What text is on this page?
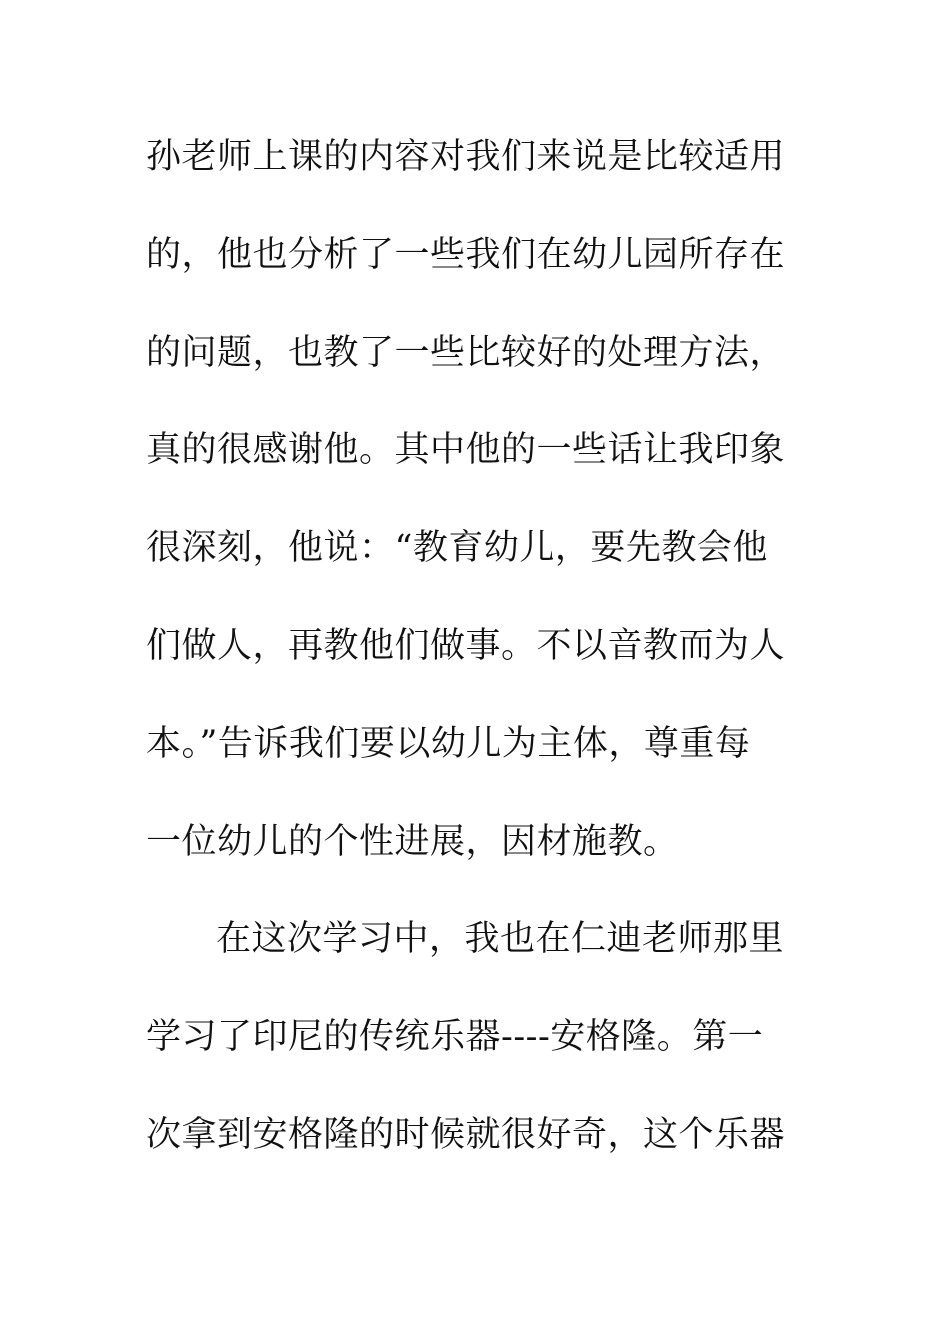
孙老师上课的内容对我们来说是比较适用
的，他也分析了一些我们在幼儿园所存在
的问题，也教了一些比较好的处理方法，
真的很感谢他。其中他的一些话让我印象
很深刻，他说：“教育幼儿，要先教会他
们做人，再教他们做事。不以音教而为人
本。”告诉我们要以幼儿为主体，尊重每
一位幼儿的个性进展，因材施教。
在这次学习中，我也在仁迪老师那里
学习了印尼的传统乐器----安格隆。第一
次拿到安格隆的时候就很好奇，这个乐器
